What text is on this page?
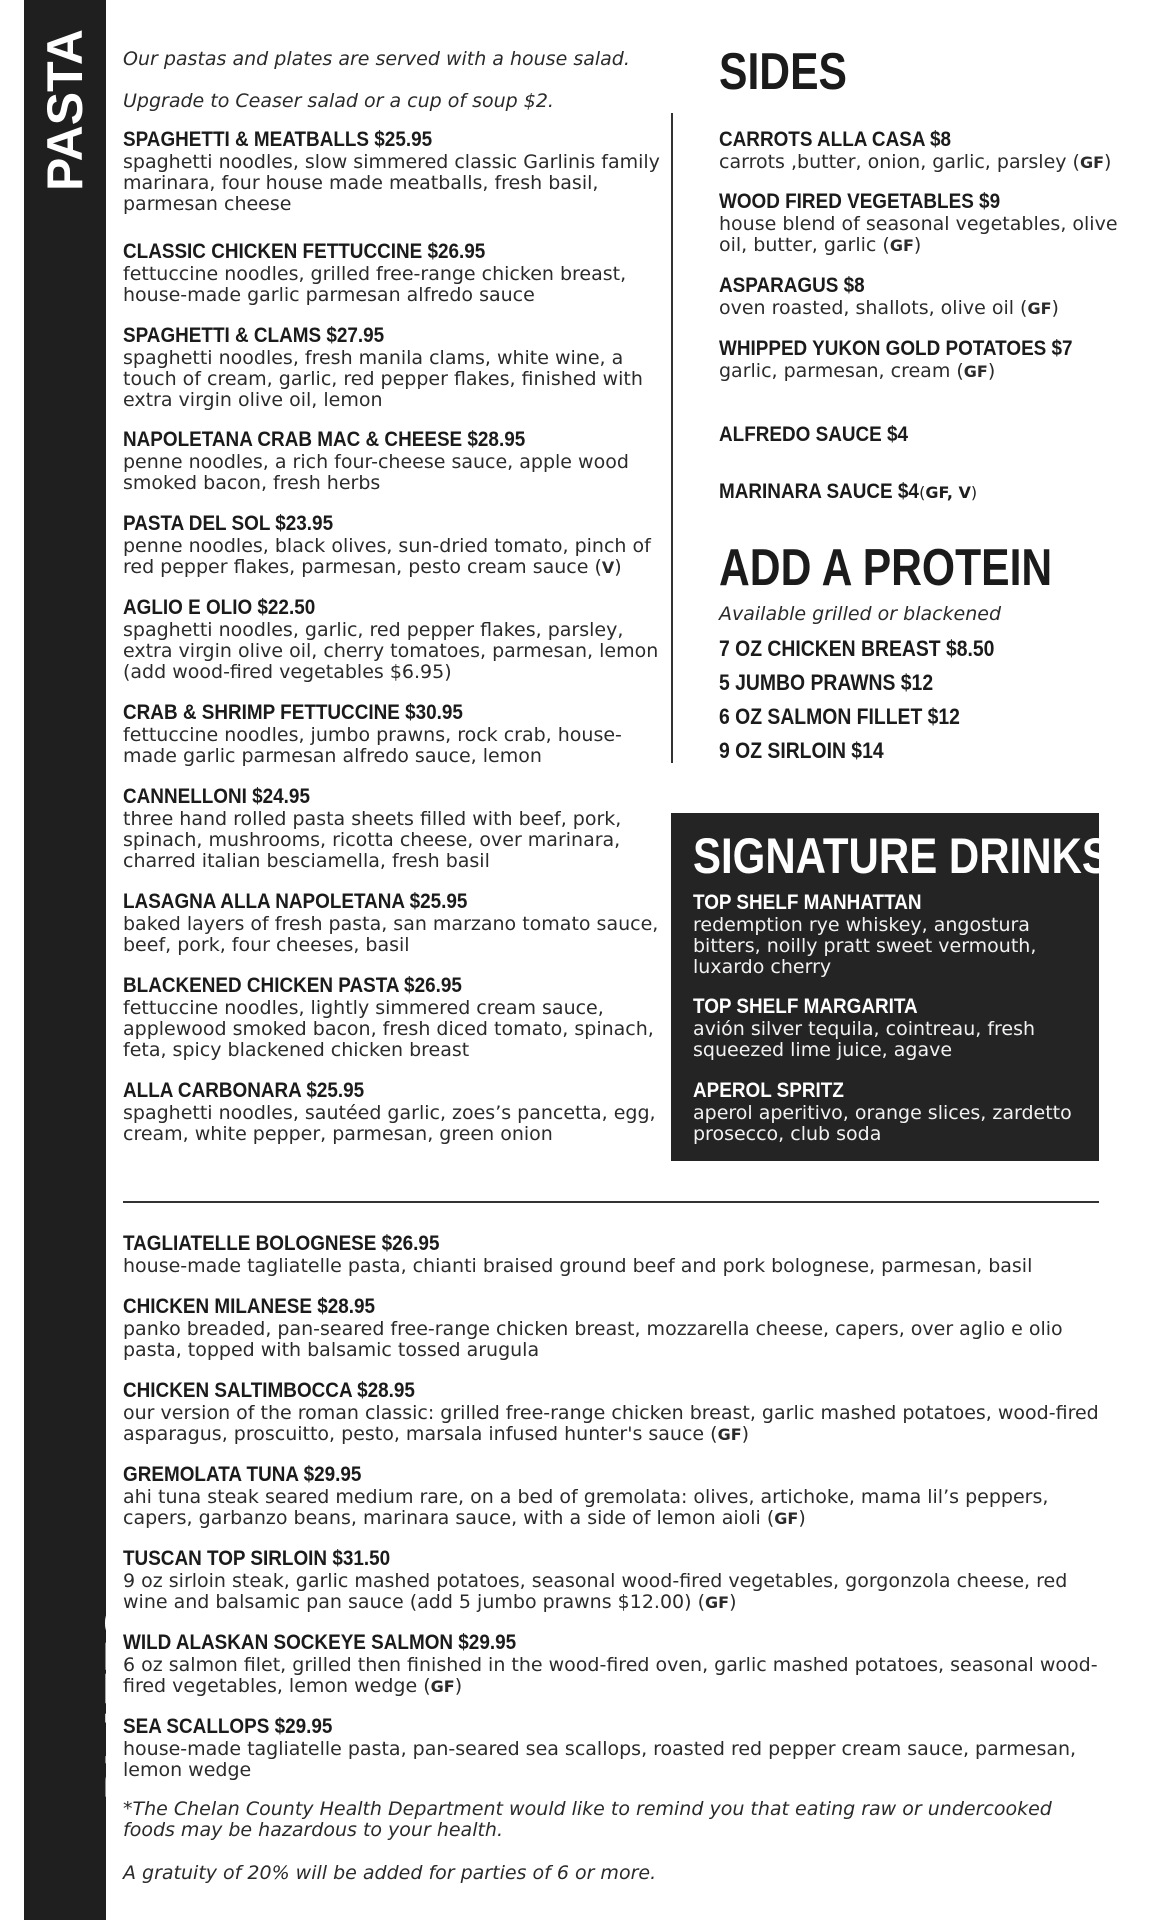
PASTA
PLATES

Our pastas and plates are served with a house salad.

Upgrade to Ceaser salad or a cup of soup $2.

SPAGHETTI & MEATBALLS $25.95
spaghetti noodles, slow simmered classic Garlinis family marinara, four house made meatballs, fresh basil, parmesan cheese
CLASSIC CHICKEN FETTUCCINE $26.95
fettuccine noodles, grilled free-range chicken breast, house-made garlic parmesan alfredo sauce
SPAGHETTI & CLAMS $27.95
spaghetti noodles, fresh manila clams, white wine, a touch of cream, garlic, red pepper flakes, finished with extra virgin olive oil, lemon
NAPOLETANA CRAB MAC & CHEESE $28.95
penne noodles, a rich four-cheese sauce, apple wood smoked bacon, fresh herbs
PASTA DEL SOL $23.95
penne noodles, black olives, sun-dried tomato, pinch of red pepper flakes, parmesan, pesto cream sauce (V)
AGLIO E OLIO $22.50
spaghetti noodles, garlic, red pepper flakes, parsley, extra virgin olive oil, cherry tomatoes, parmesan, lemon (add wood-fired vegetables $6.95)
CRAB & SHRIMP FETTUCCINE $30.95
fettuccine noodles, jumbo prawns, rock crab, house-made garlic parmesan alfredo sauce, lemon
CANNELLONI $24.95
three hand rolled pasta sheets filled with beef, pork, spinach, mushrooms, ricotta cheese, over marinara, charred italian besciamella, fresh basil
LASAGNA ALLA NAPOLETANA $25.95
baked layers of fresh pasta, san marzano tomato sauce, beef, pork, four cheeses, basil
BLACKENED CHICKEN PASTA $26.95
fettuccine noodles, lightly simmered cream sauce, applewood smoked bacon, fresh diced tomato, spinach, feta, spicy blackened chicken breast
ALLA CARBONARA $25.95
spaghetti noodles, sautéed garlic, zoes’s pancetta, egg, cream, white pepper, parmesan, green onion
SIDES
CARROTS ALLA CASA $8
carrots ,butter, onion, garlic, parsley (GF)
WOOD FIRED VEGETABLES $9
house blend of seasonal vegetables, olive oil, butter, garlic (GF)
ASPARAGUS $8
oven roasted, shallots, olive oil (GF)
WHIPPED YUKON GOLD POTATOES $7
garlic, parmesan, cream (GF)
ALFREDO SAUCE $4
MARINARA SAUCE $4(GF, V)
ADD A PROTEIN
Available grilled or blackened
7 OZ CHICKEN BREAST $8.50
5 JUMBO PRAWNS $12
6 OZ SALMON FILLET $12
9 OZ SIRLOIN $14
SIGNATURE DRINKS
TOP SHELF MANHATTAN
redemption rye whiskey, angostura bitters, noilly pratt sweet vermouth, luxardo cherry
TOP SHELF MARGARITA
avión silver tequila, cointreau, fresh squeezed lime juice, agave
APEROL SPRITZ
aperol aperitivo, orange slices, zardetto prosecco, club soda
TAGLIATELLE BOLOGNESE $26.95
house-made tagliatelle pasta, chianti braised ground beef and pork bolognese, parmesan, basil
CHICKEN MILANESE $28.95
panko breaded, pan-seared free-range chicken breast, mozzarella cheese, capers, over aglio e olio pasta, topped with balsamic tossed arugula
CHICKEN SALTIMBOCCA $28.95
our version of the roman classic: grilled free-range chicken breast, garlic mashed potatoes, wood-fired asparagus, proscuitto, pesto, marsala infused hunter's sauce (GF)
GREMOLATA TUNA $29.95
ahi tuna steak seared medium rare, on a bed of gremolata: olives, artichoke, mama lil’s peppers, capers, garbanzo beans, marinara sauce, with a side of lemon aioli (GF)
TUSCAN TOP SIRLOIN $31.50
9 oz sirloin steak, garlic mashed potatoes, seasonal wood-fired vegetables, gorgonzola cheese, red wine and balsamic pan sauce (add 5 jumbo prawns $12.00) (GF)
WILD ALASKAN SOCKEYE SALMON $29.95
6 oz salmon filet, grilled then finished in the wood-fired oven, garlic mashed potatoes, seasonal wood-fired vegetables, lemon wedge (GF)
SEA SCALLOPS $29.95
house-made tagliatelle pasta, pan-seared sea scallops, roasted red pepper cream sauce, parmesan, lemon wedge
*The Chelan County Health Department would like to remind you that eating raw or undercooked foods may be hazardous to your health.
A gratuity of 20% will be added for parties of 6 or more.
